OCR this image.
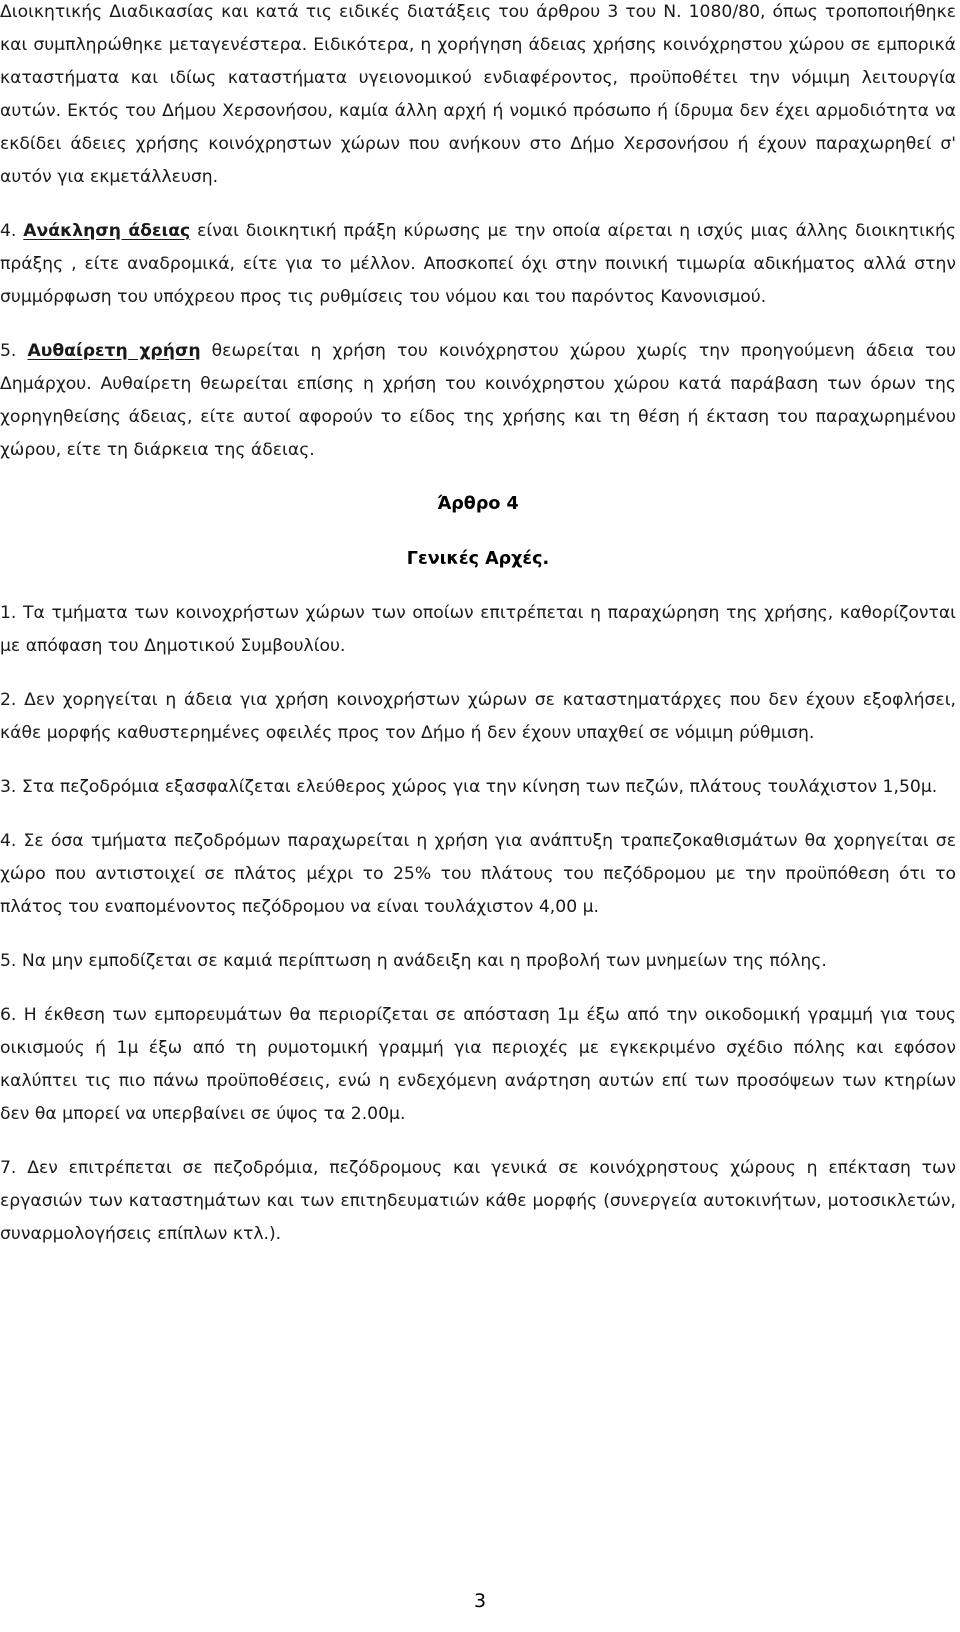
Διοικητικής Διαδικασίας και κατά τις ειδικές διατάξεις του άρθρου 3 του Ν. 1080/80, όπως τροποποιήθηκε και συμπληρώθηκε μεταγενέστερα. Ειδικότερα, η χορήγηση άδειας χρήσης κοινόχρηστου χώρου σε εμπορικά καταστήματα και ιδίως καταστήματα υγειονομικού ενδιαφέροντος, προϋποθέτει την νόμιμη λειτουργία αυτών. Εκτός του Δήμου Χερσονήσου, καμία άλλη αρχή ή νομικό πρόσωπο ή ίδρυμα δεν έχει αρμοδιότητα να εκδίδει άδειες χρήσης κοινόχρηστων χώρων που ανήκουν στο Δήμο Χερσονήσου ή έχουν παραχωρηθεί σ' αυτόν για εκμετάλλευση.

4. Ανάκληση άδειας είναι διοικητική πράξη κύρωσης με την οποία αίρεται η ισχύς μιας άλλης διοικητικής πράξης , είτε αναδρομικά, είτε για το μέλλον. Αποσκοπεί όχι στην ποινική τιμωρία αδικήματος αλλά στην συμμόρφωση του υπόχρεου προς τις ρυθμίσεις του νόμου και του παρόντος Κανονισμού.

5. Αυθαίρετη χρήση θεωρείται η χρήση του κοινόχρηστου χώρου χωρίς την προηγούμενη άδεια του Δημάρχου. Αυθαίρετη θεωρείται επίσης η χρήση του κοινόχρηστου χώρου κατά παράβαση των όρων της χορηγηθείσης άδειας, είτε αυτοί αφορούν το είδος της χρήσης και τη θέση ή έκταση του παραχωρημένου χώρου, είτε τη διάρκεια της άδειας.

Άρθρο 4
Γενικές Αρχές.

1. Τα τμήματα των κοινοχρήστων χώρων των οποίων επιτρέπεται η παραχώρηση της χρήσης, καθορίζονται με απόφαση του Δημοτικού Συμβουλίου.

2. Δεν χορηγείται η άδεια για χρήση κοινοχρήστων χώρων σε καταστηματάρχες που δεν έχουν εξοφλήσει, κάθε μορφής καθυστερημένες οφειλές προς τον Δήμο ή δεν έχουν υπαχθεί σε νόμιμη ρύθμιση.

3. Στα πεζοδρόμια εξασφαλίζεται ελεύθερος χώρος για την κίνηση των πεζών, πλάτους τουλάχιστον 1,50μ.

4. Σε όσα τμήματα πεζοδρόμων παραχωρείται η χρήση για ανάπτυξη τραπεζοκαθισμάτων θα χορηγείται σε χώρο που αντιστοιχεί σε πλάτος μέχρι το 25% του πλάτους του πεζόδρομου με την προϋπόθεση ότι το πλάτος του εναπομένοντος πεζόδρομου να είναι τουλάχιστον 4,00 μ.

5. Να μην εμποδίζεται σε καμιά περίπτωση η ανάδειξη και η προβολή των μνημείων της πόλης.

6. Η έκθεση των εμπορευμάτων θα περιορίζεται σε απόσταση 1μ έξω από την οικοδομική γραμμή για τους οικισμούς ή 1μ έξω από τη ρυμοτομική γραμμή για περιοχές με εγκεκριμένο σχέδιο πόλης και εφόσον καλύπτει τις πιο πάνω προϋποθέσεις, ενώ η ενδεχόμενη ανάρτηση αυτών επί των προσόψεων των κτηρίων δεν θα μπορεί να υπερβαίνει σε ύψος τα 2.00μ.

7. Δεν επιτρέπεται σε πεζοδρόμια, πεζόδρομους και γενικά σε κοινόχρηστους χώρους η επέκταση των εργασιών των καταστημάτων και των επιτηδευματιών κάθε μορφής (συνεργεία αυτοκινήτων, μοτοσικλετών, συναρμολογήσεις επίπλων κτλ.).

3
